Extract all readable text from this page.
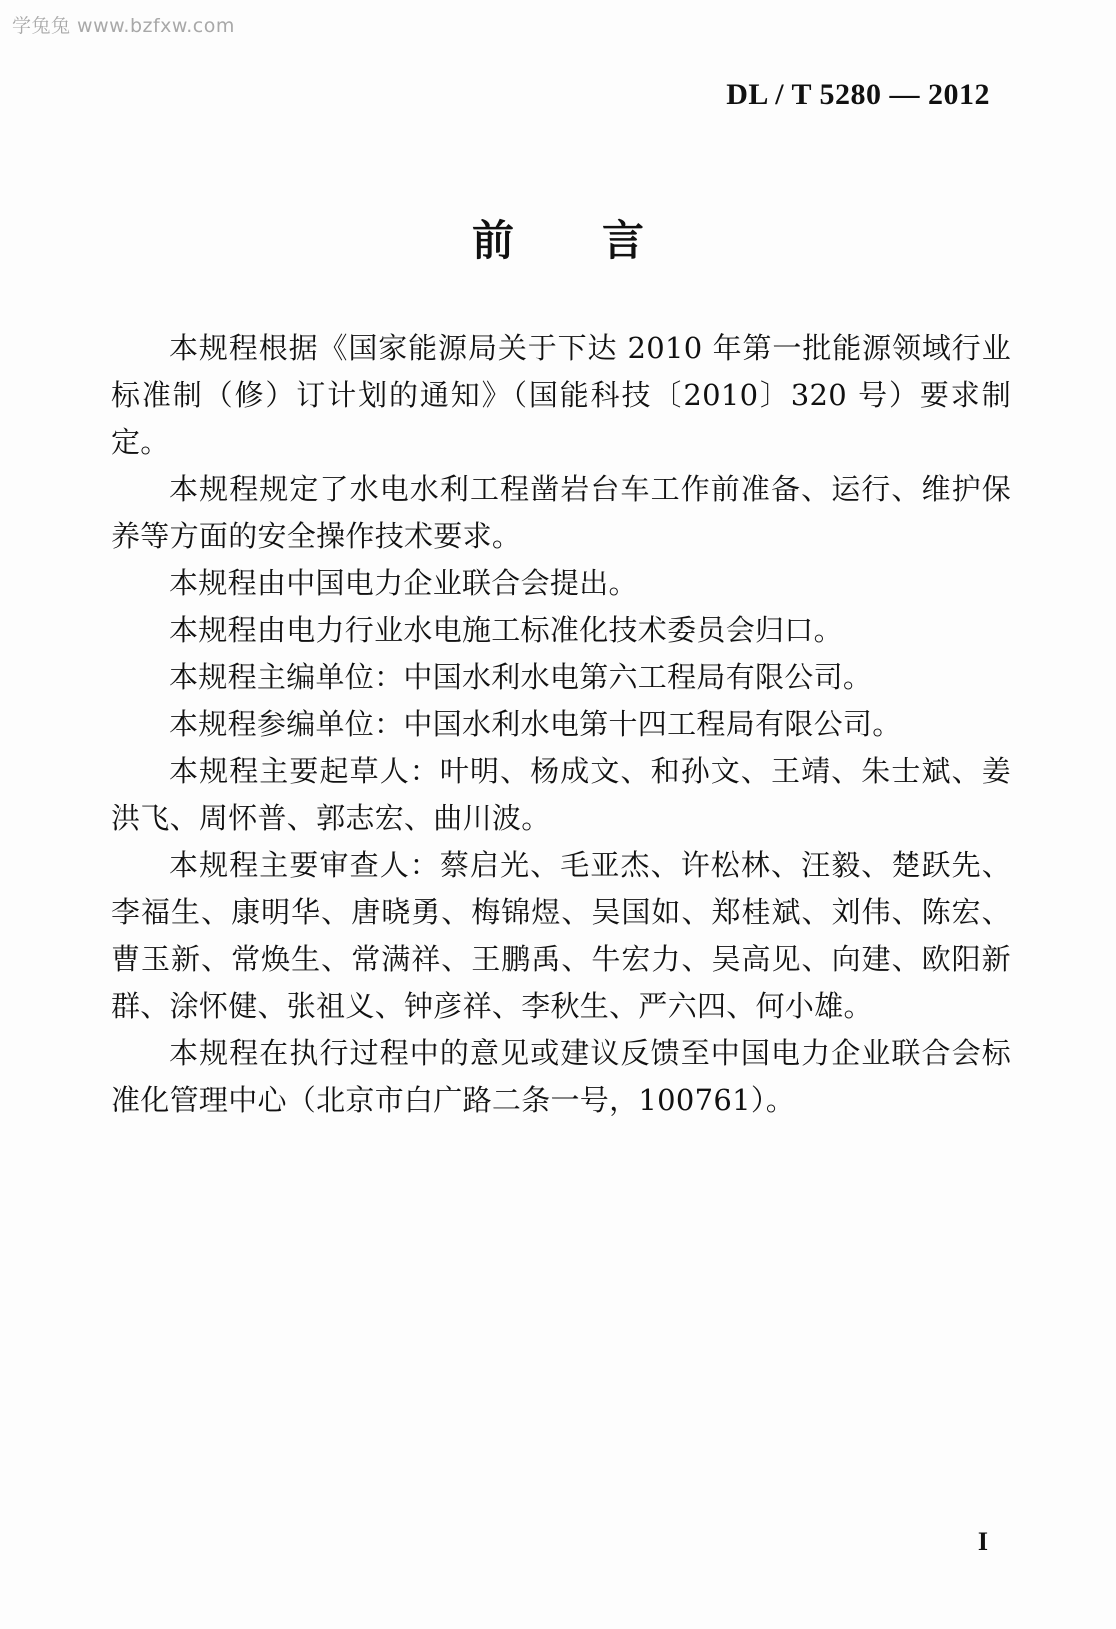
学兔兔 www.bzfxw.com
DL / T 5280 — 2012
前言

本规程根据《国家能源局关于下达 2010 年第一批能源领域行业标准制（修）订计划的通知》（国能科技〔2010〕320 号）要求制定。

本规程规定了水电水利工程凿岩台车工作前准备、运行、维护保养等方面的安全操作技术要求。

本规程由中国电力企业联合会提出。

本规程由电力行业水电施工标准化技术委员会归口。

本规程主编单位：中国水利水电第六工程局有限公司。

本规程参编单位：中国水利水电第十四工程局有限公司。

本规程主要起草人：叶明、杨成文、和孙文、王靖、朱士斌、姜洪飞、周怀普、郭志宏、曲川波。

本规程主要审查人：蔡启光、毛亚杰、许松林、汪毅、楚跃先、李福生、康明华、唐晓勇、梅锦煜、吴国如、郑桂斌、刘伟、陈宏、曹玉新、常焕生、常满祥、王鹏禹、牛宏力、吴高见、向建、欧阳新群、涂怀健、张祖义、钟彦祥、李秋生、严六四、何小雄。

本规程在执行过程中的意见或建议反馈至中国电力企业联合会标准化管理中心（北京市白广路二条一号，100761）。

I
